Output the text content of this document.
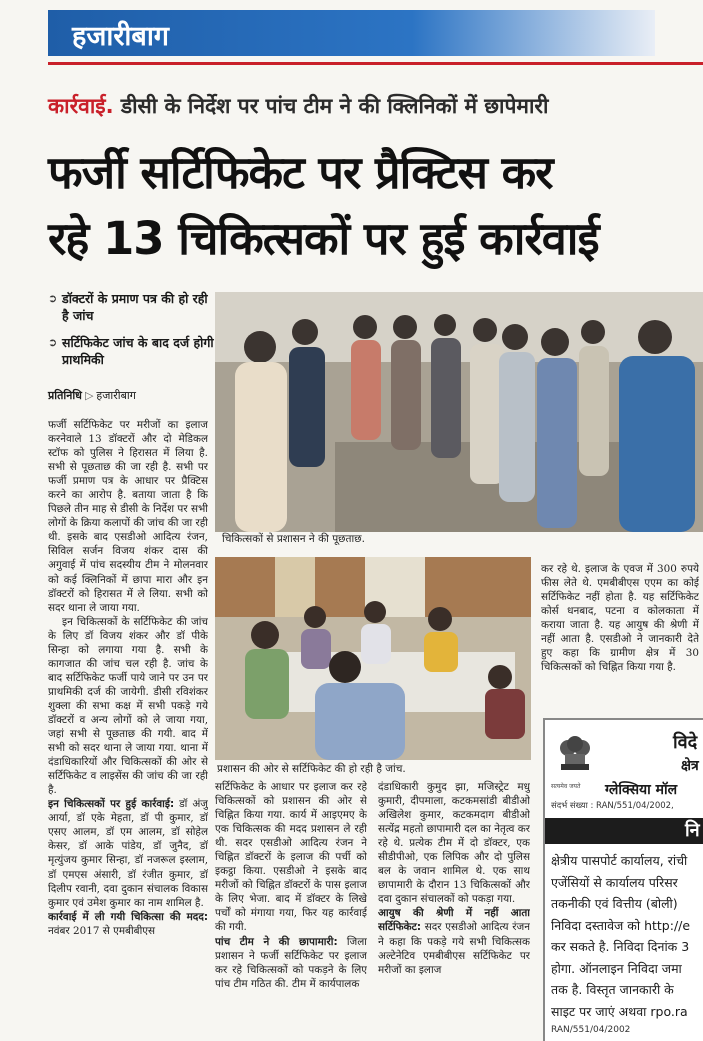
हजारीबाग
कार्रवाई. डीसी के निर्देश पर पांच टीम ने की क्लिनिकों में छापेमारी
फर्जी सर्टिफिकेट पर प्रैक्टिस कर
रहे 13 चिकित्सकों पर हुई कार्रवाई
➲ डॉक्टरों के प्रमाण पत्र की हो रही है जांच
➲ सर्टिफिकेट जांच के बाद दर्ज होगी प्राथमिकी
प्रतिनिधि ▷ हजारीबाग

फर्जी सर्टिफिकेट पर मरीजों का इलाज करनेवाले 13 डॉक्टरों और दो मेडिकल स्टॉफ को पुलिस ने हिरासत में लिया है. सभी से पूछताछ की जा रही है. सभी पर फर्जी प्रमाण पत्र के आधार पर प्रैक्टिस करने का आरोप है. बताया जाता है कि पिछले तीन माह से डीसी के निर्देश पर सभी लोगों के क्रिया कलापों की जांच की जा रही थी. इसके बाद एसडीओ आदित्य रंजन, सिविल सर्जन विजय शंकर दास की अगुवाई में पांच सदस्यीय टीम ने मोलनवार को कई क्लिनिकों में छापा मारा और इन डॉक्टरों को हिरासत में ले लिया. सभी को सदर थाना ले जाया गया.

इन चिकित्सकों के सर्टिफिकेट की जांच के लिए डॉ विजय शंकर और डॉ पीके सिन्हा को लगाया गया है. सभी के कागजात की जांच चल रही है. जांच के बाद सर्टिफिकेट फर्जी पाये जाने पर उन पर प्राथमिकी दर्ज की जायेगी. डीसी रविशंकर शुक्ला की सभा कक्ष में सभी पकड़े गये डॉक्टरों व अन्य लोगों को ले जाया गया, जहां सभी से पूछताछ की गयी. बाद में सभी को सदर थाना ले जाया गया. थाना में दंडाधिकारियों और चिकित्सकों की ओर से सर्टिफिकेट व लाइसेंस की जांच की जा रही है.

इन चिकित्सकों पर हुई कार्रवाई: डॉ अंजु आर्या, डॉ एके मेहता, डॉ पी कुमार, डॉ एसए आलम, डॉ एम आलम, डॉ सोहेल केसर, डॉ आके पांडेय, डॉ जुनैद, डॉ मृत्युंजय कुमार सिन्हा, डॉ नजरूल इस्लाम, डॉ एमएस अंसारी, डॉ रंजीत कुमार, डॉ दिलीप रवानी, दवा दुकान संचालक विकास कुमार एवं उमेश कुमार का नाम शामिल है.

कार्रवाई में ली गयी चिकित्सा की मदद: नवंबर 2017 से एमबीबीएस

चिकित्सकों से प्रशासन ने की पूछताछ.
प्रशासन की ओर से सर्टिफिकेट की हो रही है जांच.

कर रहे थे. इलाज के एवज में 300 रुपये फीस लेते थे. एमबीबीएस एएम का कोई सर्टिफिकेट नहीं होता है. यह सर्टिफिकेट कोर्स धनबाद, पटना व कोलकाता में कराया जाता है. यह आयुष की श्रेणी में नहीं आता है. एसडीओ ने जानकारी देते हुए कहा कि ग्रामीण क्षेत्र में 30 चिकित्सकों को चिह्नित किया गया है.

सर्टिफिकेट के आधार पर इलाज कर रहे चिकित्सकों को प्रशासन की ओर से चिह्नित किया गया. कार्य में आइएमए के एक चिकित्सक की मदद प्रशासन ले रही थी. सदर एसडीओ आदित्य रंजन ने चिह्नित डॉक्टरों के इलाज की पर्ची को इकट्ठा किया. एसडीओ ने इसके बाद मरीजों को चिह्नित डॉक्टरों के पास इलाज के लिए भेजा. बाद में डॉक्टर के लिखे पर्चों को मंगाया गया, फिर यह कार्रवाई की गयी.

पांच टीम ने की छापामारी: जिला प्रशासन ने फर्जी सर्टिफिकेट पर इलाज कर रहे चिकित्सकों को पकड़ने के लिए पांच टीम गठित की. टीम में कार्यपालक

दंडाधिकारी कुमुद झा, मजिस्ट्रेट मधु कुमारी, दीपमाला, कटकमसांडी बीडीओ अखिलेश कुमार, कटकमदाग बीडीओ सत्येंद्र महतो छापामारी दल का नेतृत्व कर रहे थे. प्रत्येक टीम में दो डॉक्टर, एक सीडीपीओ, एक लिपिक और दो पुलिस बल के जवान शामिल थे. एक साथ छापामारी के दौरान 13 चिकित्सकों और दवा दुकान संचालकों को पकड़ा गया.

आयुष की श्रेणी में नहीं आता सर्टिफिकेट: सदर एसडीओ आदित्य रंजन ने कहा कि पकड़े गये सभी चिकित्सक अल्टेनेटिव एमबीबीएस सर्टिफिकेट पर मरीजों का इलाज

सत्यमेव जयते
विदे
क्षेत्र
ग्लेक्सिया मॉल
संदर्भ संख्या : RAN/551/04/2002,
नि
क्षेत्रीय पासपोर्ट कार्यालय, रांची
एजेंसियों से कार्यालय परिसर
तकनीकी एवं वित्तीय (बोली)
निविदा दस्तावेज को http://e
कर सकते है. निविदा दिनांक 3
होगा. ऑनलाइन निविदा जमा
तक है. विस्तृत जानकारी के
साइट पर जाएं अथवा rpo.ra
RAN/551/04/2002
